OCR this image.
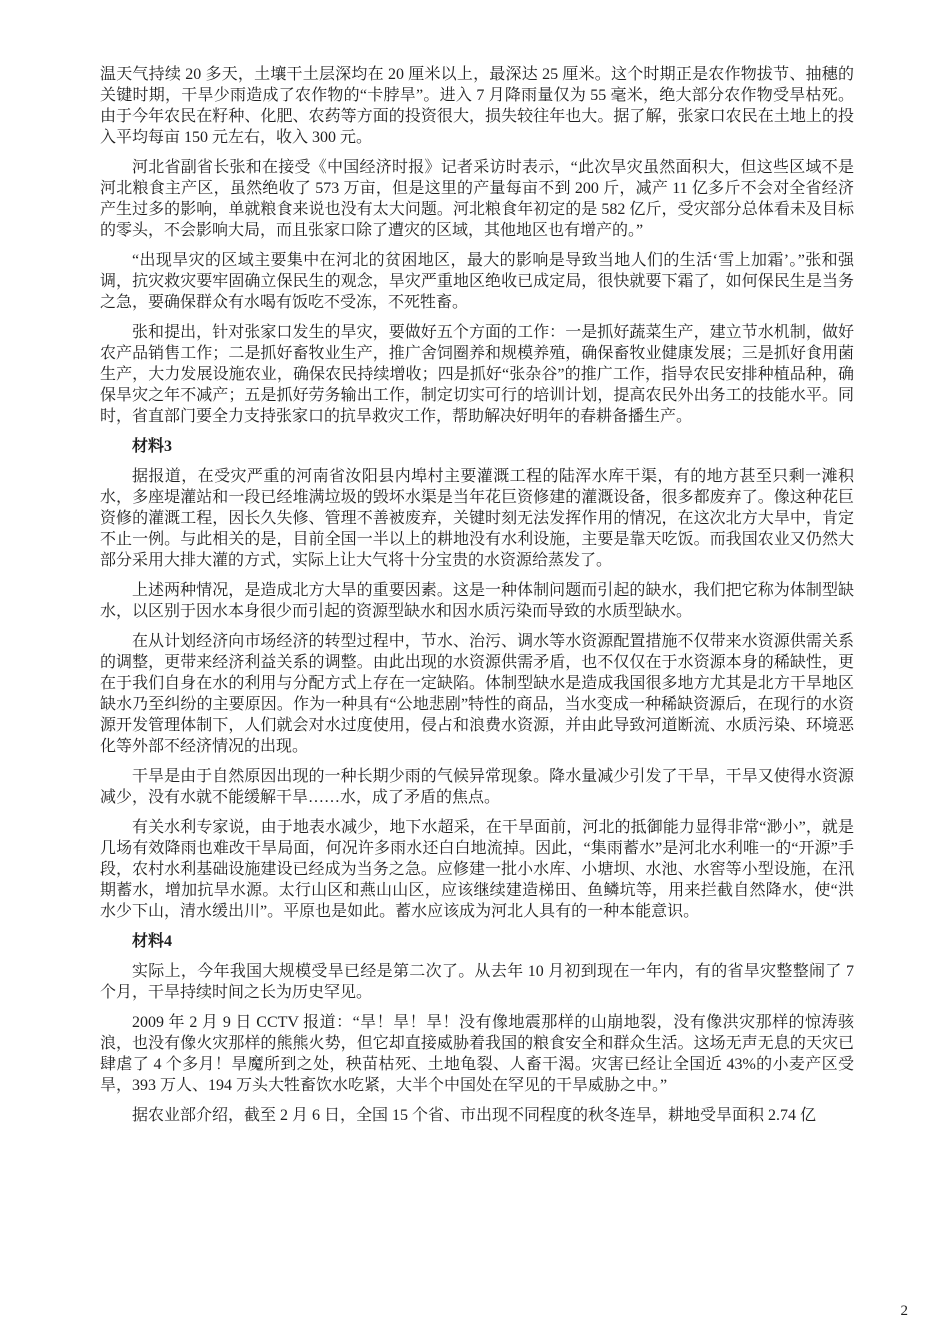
温天气持续 20 多天，土壤干土层深均在 20 厘米以上，最深达 25 厘米。这个时期正是农作物拔节、抽穗的关键时期，干旱少雨造成了农作物的“卡脖旱”。进入 7 月降雨量仅为 55 毫米，绝大部分农作物受旱枯死。由于今年农民在籽种、化肥、农药等方面的投资很大，损失较往年也大。据了解，张家口农民在土地上的投入平均每亩 150 元左右，收入 300 元。

河北省副省长张和在接受《中国经济时报》记者采访时表示，“此次旱灾虽然面积大，但这些区域不是河北粮食主产区，虽然绝收了 573 万亩，但是这里的产量每亩不到 200 斤，减产 11 亿多斤不会对全省经济产生过多的影响，单就粮食来说也没有太大问题。河北粮食年初定的是 582 亿斤，受灾部分总体看未及目标的零头，不会影响大局，而且张家口除了遭灾的区域，其他地区也有增产的。”

“出现旱灾的区域主要集中在河北的贫困地区，最大的影响是导致当地人们的生活‘雪上加霜’。”张和强调，抗灾救灾要牢固确立保民生的观念，旱灾严重地区绝收已成定局，很快就要下霜了，如何保民生是当务之急，要确保群众有水喝有饭吃不受冻，不死牲畜。

张和提出，针对张家口发生的旱灾，要做好五个方面的工作：一是抓好蔬菜生产，建立节水机制，做好农产品销售工作；二是抓好畜牧业生产，推广舍饲圈养和规模养殖，确保畜牧业健康发展；三是抓好食用菌生产，大力发展设施农业，确保农民持续增收；四是抓好“张杂谷”的推广工作，指导农民安排种植品种，确保旱灾之年不减产；五是抓好劳务输出工作，制定切实可行的培训计划，提高农民外出务工的技能水平。同时，省直部门要全力支持张家口的抗旱救灾工作，帮助解决好明年的春耕备播生产。

材料3

据报道，在受灾严重的河南省汝阳县内埠村主要灌溉工程的陆浑水库干渠，有的地方甚至只剩一滩积水，多座堤灌站和一段已经堆满垃圾的毁坏水渠是当年花巨资修建的灌溉设备，很多都废弃了。像这种花巨资修的灌溉工程，因长久失修、管理不善被废弃，关键时刻无法发挥作用的情况，在这次北方大旱中，肯定不止一例。与此相关的是，目前全国一半以上的耕地没有水利设施，主要是靠天吃饭。而我国农业又仍然大部分采用大排大灌的方式，实际上让大气将十分宝贵的水资源给蒸发了。

上述两种情况，是造成北方大旱的重要因素。这是一种体制问题而引起的缺水，我们把它称为体制型缺水，以区别于因水本身很少而引起的资源型缺水和因水质污染而导致的水质型缺水。

在从计划经济向市场经济的转型过程中，节水、治污、调水等水资源配置措施不仅带来水资源供需关系的调整，更带来经济利益关系的调整。由此出现的水资源供需矛盾，也不仅仅在于水资源本身的稀缺性，更在于我们自身在水的利用与分配方式上存在一定缺陷。体制型缺水是造成我国很多地方尤其是北方干旱地区缺水乃至纠纷的主要原因。作为一种具有“公地悲剧”特性的商品，当水变成一种稀缺资源后，在现行的水资源开发管理体制下，人们就会对水过度使用，侵占和浪费水资源，并由此导致河道断流、水质污染、环境恶化等外部不经济情况的出现。

干旱是由于自然原因出现的一种长期少雨的气候异常现象。降水量减少引发了干旱，干旱又使得水资源减少，没有水就不能缓解干旱……水，成了矛盾的焦点。

有关水利专家说，由于地表水减少，地下水超采，在干旱面前，河北的抵御能力显得非常“渺小”，就是几场有效降雨也难改干旱局面，何况许多雨水还白白地流掉。因此，“集雨蓄水”是河北水利唯一的“开源”手段，农村水利基础设施建设已经成为当务之急。应修建一批小水库、小塘坝、水池、水窖等小型设施，在汛期蓄水，增加抗旱水源。太行山区和燕山山区，应该继续建造梯田、鱼鳞坑等，用来拦截自然降水，使“洪水少下山，清水缓出川”。平原也是如此。蓄水应该成为河北人具有的一种本能意识。

材料4

实际上，今年我国大规模受旱已经是第二次了。从去年 10 月初到现在一年内，有的省旱灾整整闹了 7 个月，干旱持续时间之长为历史罕见。

2009 年 2 月 9 日 CCTV 报道：“旱！旱！旱！没有像地震那样的山崩地裂，没有像洪灾那样的惊涛骇浪，也没有像火灾那样的熊熊火势，但它却直接威胁着我国的粮食安全和群众生活。这场无声无息的天灾已肆虐了 4 个多月！旱魔所到之处，秧苗枯死、土地龟裂、人畜干渴。灾害已经让全国近 43%的小麦产区受旱，393 万人、194 万头大牲畜饮水吃紧，大半个中国处在罕见的干旱威胁之中。”

据农业部介绍，截至 2 月 6 日，全国 15 个省、市出现不同程度的秋冬连旱，耕地受旱面积 2.74 亿

2
